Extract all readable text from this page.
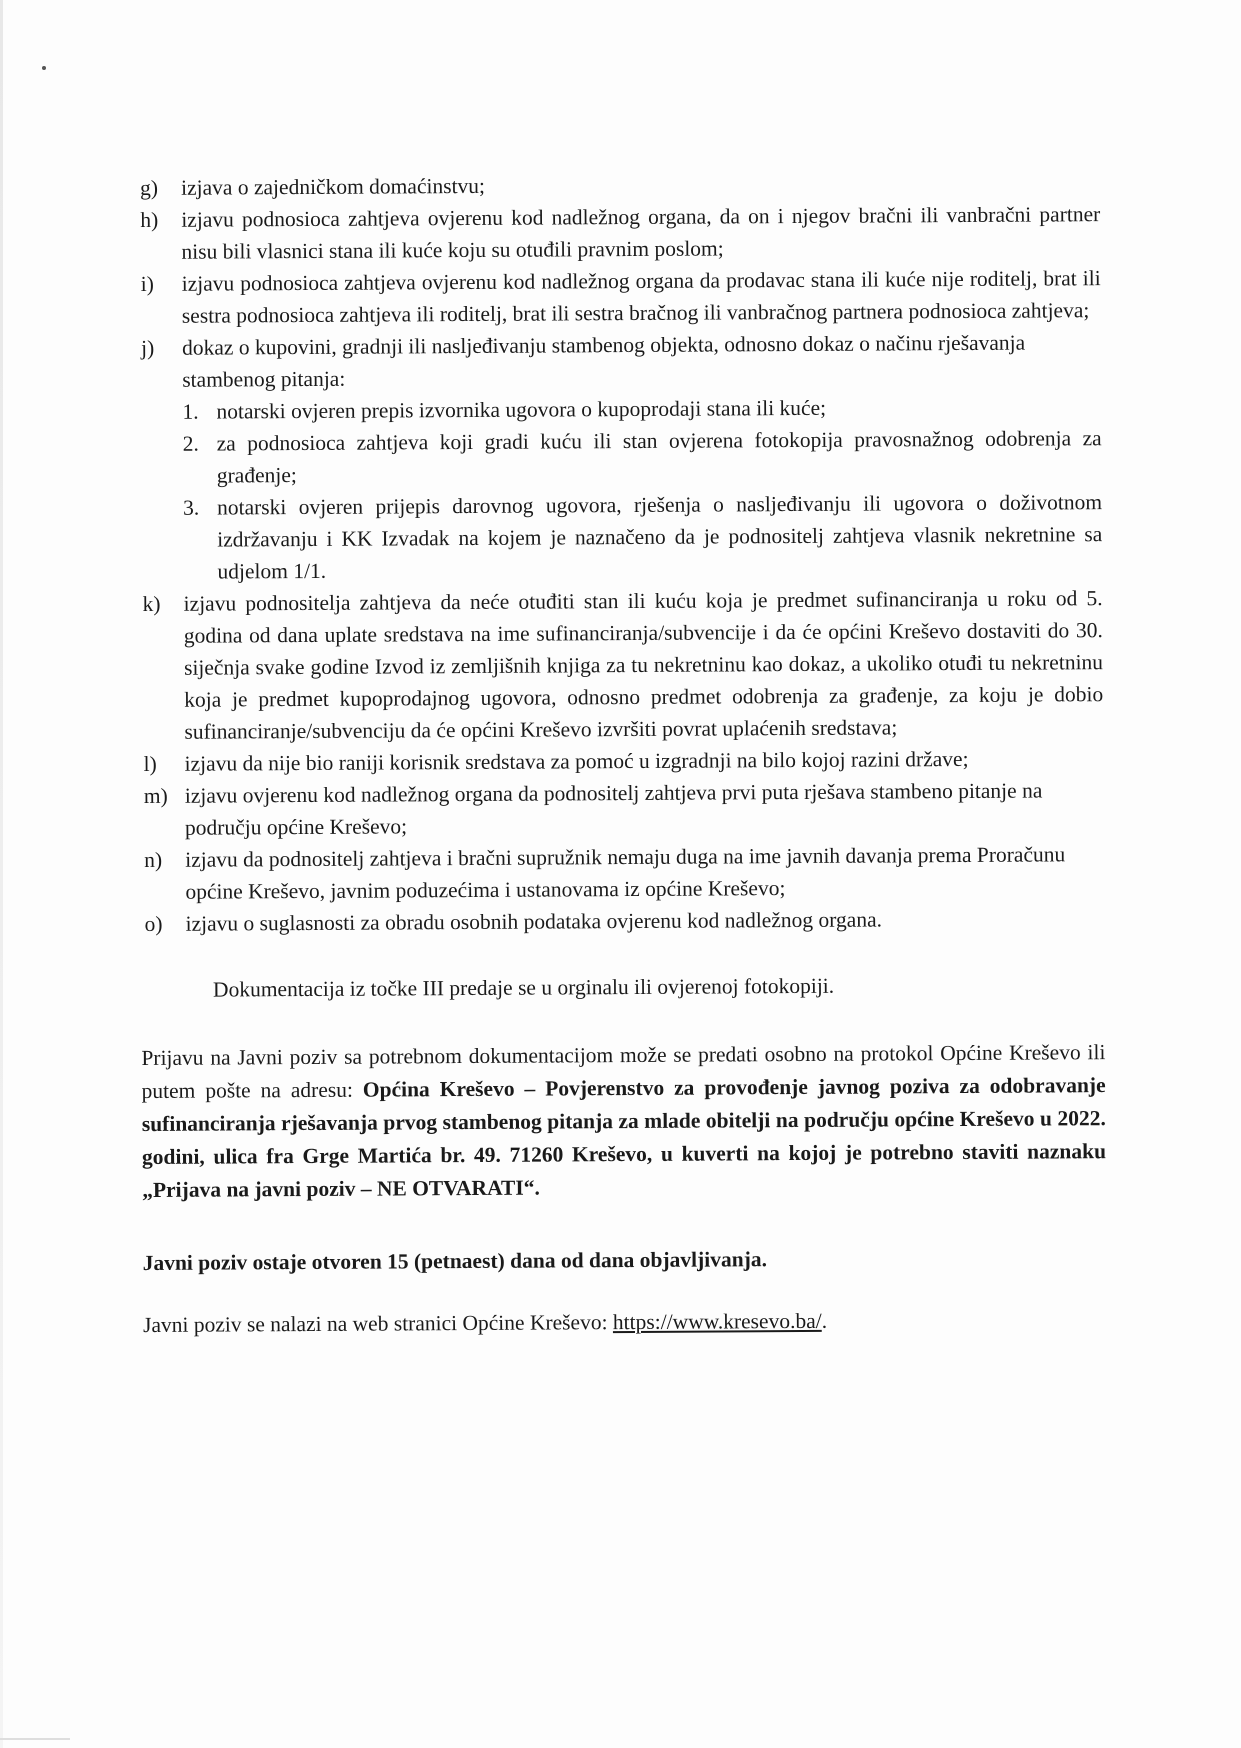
g)	izjava o zajedničkom domaćinstvu;
h)	izjavu podnosioca zahtjeva ovjerenu kod nadležnog organa, da on i njegov bračni ili vanbračni partner nisu bili vlasnici stana ili kuće koju su otuđili pravnim poslom;
i)	izjavu podnosioca zahtjeva ovjerenu kod nadležnog organa da prodavac stana ili kuće nije roditelj, brat ili sestra podnosioca zahtjeva ili roditelj, brat ili sestra bračnog ili vanbračnog partnera podnosioca zahtjeva;
j)	dokaz o kupovini, gradnji ili nasljeđivanju stambenog objekta, odnosno dokaz o načinu rješavanja stambenog pitanja:
1. notarski ovjeren prepis izvornika ugovora o kupoprodaji stana ili kuće;
2. za podnosioca zahtjeva koji gradi kuću ili stan ovjerena fotokopija pravosnažnog odobrenja za građenje;
3. notarski ovjeren prijepis darovnog ugovora, rješenja o nasljeđivanju ili ugovora o doživotnom izdržavanju i KK Izvadak na kojem je naznačeno da je podnositelj zahtjeva vlasnik nekretnine sa udjelom 1/1.
k)	izjavu podnositelja zahtjeva da neće otuđiti stan ili kuću koja je predmet sufinanciranja u roku od 5. godina od dana uplate sredstava na ime sufinanciranja/subvencije i da će općini Kreševo dostaviti do 30. siječnja svake godine Izvod iz zemljišnih knjiga za tu nekretninu kao dokaz, a ukoliko otuđi tu nekretninu koja je predmet kupoprodajnog ugovora, odnosno predmet odobrenja za građenje, za koju je dobio sufinanciranje/subvenciju da će općini Kreševo izvršiti povrat uplaćenih sredstava;
l)	izjavu da nije bio raniji korisnik sredstava za pomoć u izgradnji na bilo kojoj razini države;
m) izjavu ovjerenu kod nadležnog organa da podnositelj zahtjeva prvi puta rješava stambeno pitanje na području općine Kreševo;
n)	izjavu da podnositelj zahtjeva i bračni supružnik nemaju duga na ime javnih davanja prema Proračunu općine Kreševo, javnim poduzećima i ustanovama iz općine Kreševo;
o)	izjavu o suglasnosti za obradu osobnih podataka ovjerenu kod nadležnog organa.

Dokumentacija iz točke III predaje se u orginalu ili ovjerenoj fotokopiji.

Prijavu na Javni poziv sa potrebnom dokumentacijom može se predati osobno na protokol Općine Kreševo ili putem pošte na adresu: Općina Kreševo – Povjerenstvo za provođenje javnog poziva za odobravanje sufinanciranja rješavanja prvog stambenog pitanja za mlade obitelji na području općine Kreševo u 2022. godini, ulica fra Grge Martića br. 49. 71260 Kreševo, u kuverti na kojoj je potrebno staviti naznaku „Prijava na javni poziv – NE OTVARATI“.

Javni poziv ostaje otvoren 15 (petnaest) dana od dana objavljivanja.

Javni poziv se nalazi na web stranici Općine Kreševo: https://www.kresevo.ba/.
